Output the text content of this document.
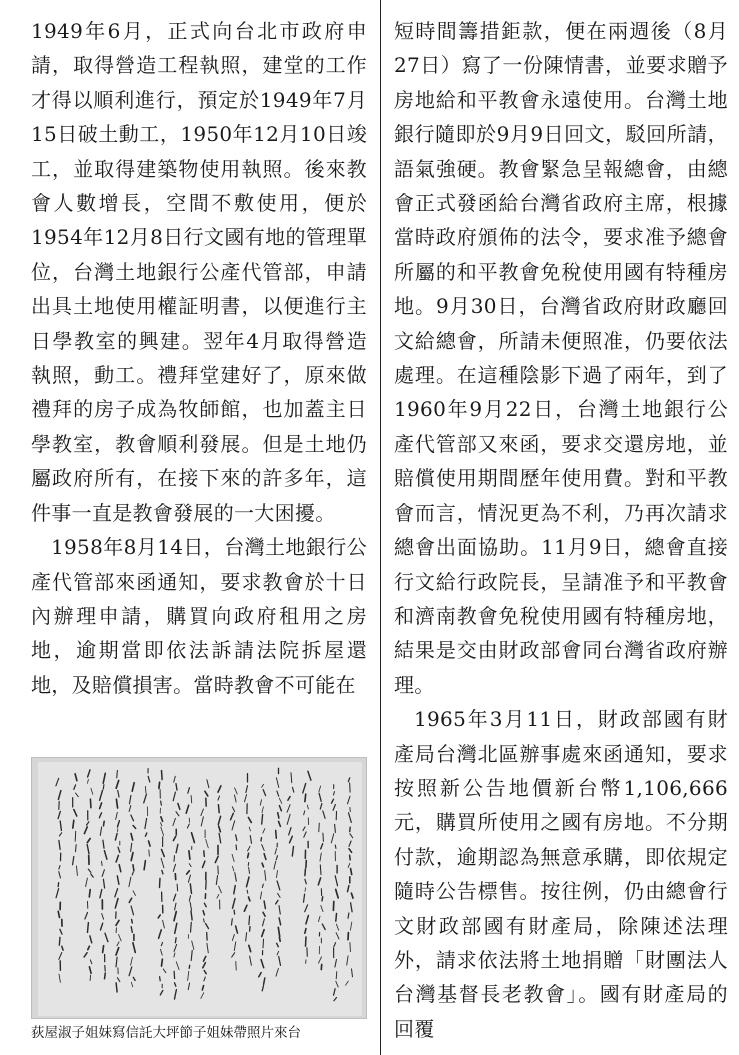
1949年6月，正式向台北市政府申請，取得營造工程執照，建堂的工作才得以順利進行，預定於1949年7月15日破土動工，1950年12月10日竣工，並取得建築物使用執照。後來教會人數增長，空間不敷使用，便於1954年12月8日行文國有地的管理單位，台灣土地銀行公產代管部，申請出具土地使用權証明書，以便進行主日學教室的興建。翌年4月取得營造執照，動工。禮拜堂建好了，原來做禮拜的房子成為牧師館，也加蓋主日學教室，教會順利發展。但是土地仍屬政府所有，在接下來的許多年，這件事一直是教會發展的一大困擾。

1958年8月14日，台灣土地銀行公產代管部來函通知，要求教會於十日內辦理申請，購買向政府租用之房地，逾期當即依法訴請法院拆屋還地，及賠償損害。當時教會不可能在

荻屋淑子姐妹寫信託大坪節子姐妹帶照片來台

短時間籌措鉅款，便在兩週後（8月27日）寫了一份陳情書，並要求贈予房地給和平教會永遠使用。台灣土地銀行隨即於9月9日回文，駁回所請，語氣強硬。教會緊急呈報總會，由總會正式發函給台灣省政府主席，根據當時政府頒佈的法令，要求准予總會所屬的和平教會免稅使用國有特種房地。9月30日，台灣省政府財政廳回文給總會，所請未便照准，仍要依法處理。在這種陰影下過了兩年，到了1960年9月22日，台灣土地銀行公產代管部又來函，要求交還房地，並賠償使用期間歷年使用費。對和平教會而言，情況更為不利，乃再次請求總會出面協助。11月9日，總會直接行文給行政院長，呈請准予和平教會和濟南教會免稅使用國有特種房地，結果是交由財政部會同台灣省政府辦理。

1965年3月11日，財政部國有財產局台灣北區辦事處來函通知，要求按照新公告地價新台幣1,106,666元，購買所使用之國有房地。不分期付款，逾期認為無意承購，即依規定隨時公告標售。按往例，仍由總會行文財政部國有財產局，除陳述法理外，請求依法將土地捐贈「財團法人台灣基督長老教會」。國有財產局的回覆
